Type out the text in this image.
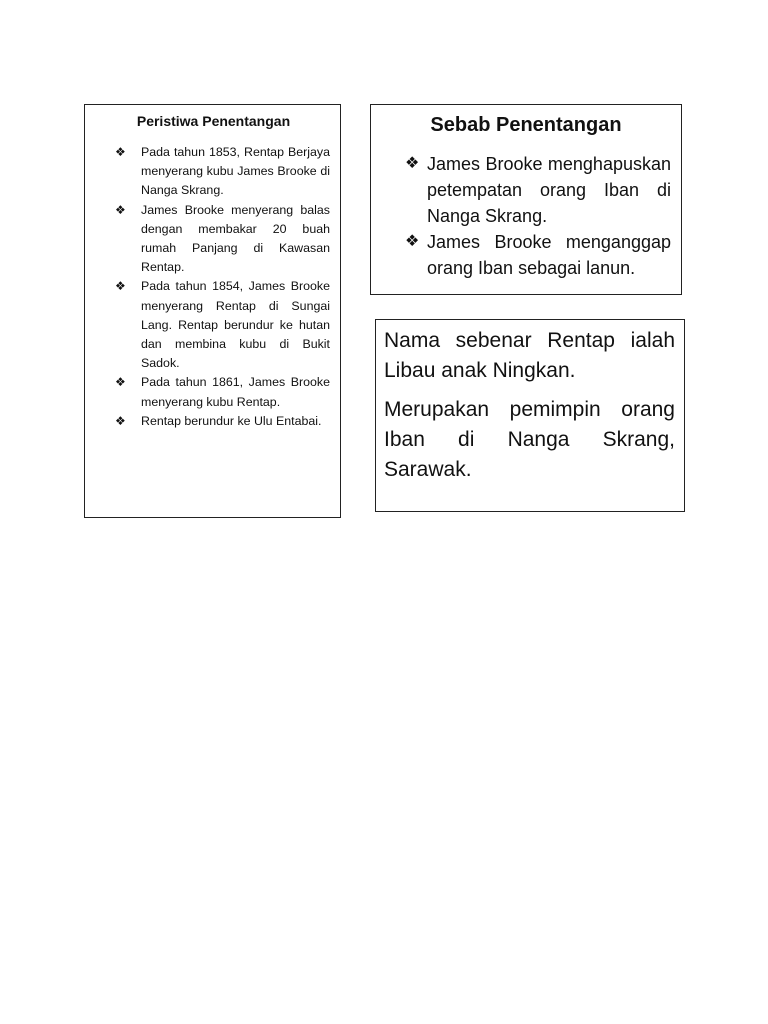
Peristiwa Penentangan
❖ Pada tahun 1853, Rentap Berjaya menyerang kubu James Brooke di Nanga Skrang.
❖ James Brooke menyerang balas dengan membakar 20 buah rumah Panjang di Kawasan Rentap.
❖ Pada tahun 1854, James Brooke menyerang Rentap di Sungai Lang. Rentap berundur ke hutan dan membina kubu di Bukit Sadok.
❖ Pada tahun 1861, James Brooke menyerang kubu Rentap.
❖ Rentap berundur ke Ulu Entabai.
Sebab Penentangan
❖ James Brooke menghapuskan petempatan orang Iban di Nanga Skrang.
❖ James Brooke menganggap orang Iban sebagai lanun.

Nama sebenar Rentap ialah Libau anak Ningkan.

Merupakan pemimpin orang Iban di Nanga Skrang, Sarawak.
